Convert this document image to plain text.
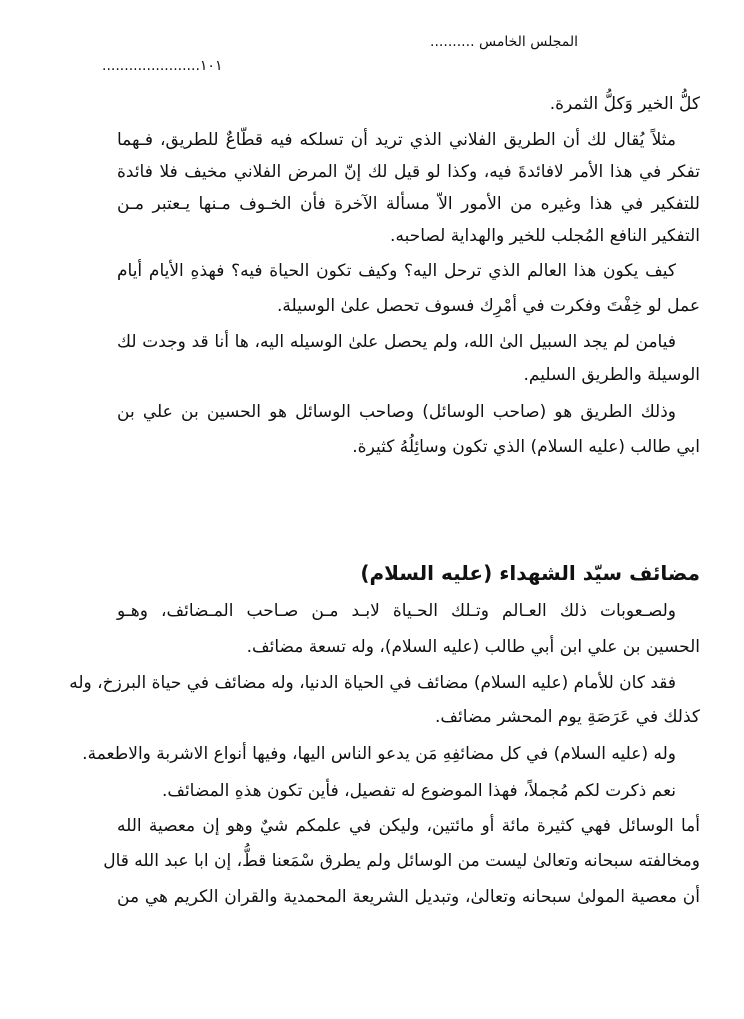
المجلس الخامس ..........
١٠١......................
كلُّ الخير وَكلُّ الثمرة.
مثلاً يُقال لك أن الطريق الفلاني الذي تريد أن تسلكه فيه قطّاعٌ للطريق، فـهما
تفكر في هذا الأمر لافائدةَ فيه، وكذا لو قيل لك إنّ المرض الفلاني مخيف فلا فائدة
للتفكير في هذا وغيره من الأمور الاّ مسألة الآخرة فأن الخـوف مـنها يـعتبر مـن
التفكير النافع المُجلب للخير والهداية لصاحبه.
كيف يكون هذا العالم الذي ترحل اليه؟ وكيف تكون الحياة فيه؟ فهذهِ الأيام أيام
عمل لو خِفْتَ وفكرت في أمْرِك فسوف تحصل علىٰ الوسيلة.
فيامن لم يجد السبيل الىٰ الله، ولم يحصل علىٰ الوسيله اليه، ها أنا قد وجدت لك
الوسيلة والطريق السليم.
وذلك الطريق هو (صاحب الوسائل) وصاحب الوسائل هو الحسين بن علي بن
ابي طالب (عليه السلام) الذي تكون وسائِلُهُ كثيرة.
مضائف سيّد الشهداء (عليه السلام)
ولصـعوبات ذلك العـالم وتـلك الحـياة لابـد مـن صـاحب المـضائف، وهـو
الحسين بن علي ابن أبي طالب (عليه السلام)، وله تسعة مضائف.
فقد كان للأمام (عليه السلام) مضائف في الحياة الدنيا، وله مضائف في حياة البرزخ، وله
كذلك في عَرَصَةِ يوم المحشر مضائف.
وله (عليه السلام) في كل مضائفِهِ مَن يدعو الناس اليها، وفيها أنواع الاشربة والاطعمة.
نعم ذكرت لكم مُجملاً، فهذا الموضوع له تفصيل، فأين تكون هذهِ المضائف.
أما الوسائل فهي كثيرة مائة أو مائتين، وليكن في علمكم شيٌ وهو إن معصية الله
ومخالفته سبحانه وتعالىٰ ليست من الوسائل ولم يطرق سْمَعنا قطُّ، إن ابا عبد الله قال
أن معصية المولىٰ سبحانه وتعالىٰ، وتبديل الشريعة المحمدية والقران الكريم هي من
